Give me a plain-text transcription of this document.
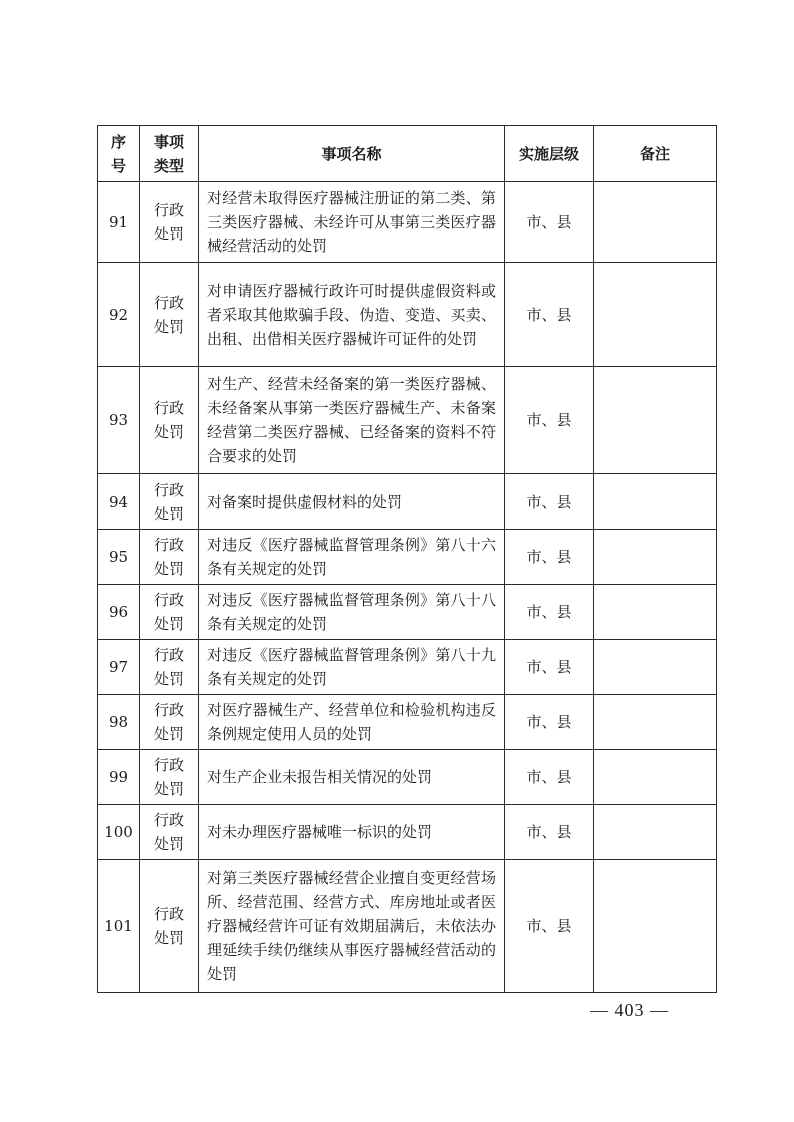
序号	事项类型	事项名称	实施层级	备注
91	行政处罚	对经营未取得医疗器械注册证的第二类、第三类医疗器械、未经许可从事第三类医疗器械经营活动的处罚	市、县	
92	行政处罚	对申请医疗器械行政许可时提供虚假资料或者采取其他欺骗手段、伪造、变造、买卖、出租、出借相关医疗器械许可证件的处罚	市、县	
93	行政处罚	对生产、经营未经备案的第一类医疗器械、未经备案从事第一类医疗器械生产、未备案经营第二类医疗器械、已经备案的资料不符合要求的处罚	市、县	
94	行政处罚	对备案时提供虚假材料的处罚	市、县	
95	行政处罚	对违反《医疗器械监督管理条例》第八十六条有关规定的处罚	市、县	
96	行政处罚	对违反《医疗器械监督管理条例》第八十八条有关规定的处罚	市、县	
97	行政处罚	对违反《医疗器械监督管理条例》第八十九条有关规定的处罚	市、县	
98	行政处罚	对医疗器械生产、经营单位和检验机构违反条例规定使用人员的处罚	市、县	
99	行政处罚	对生产企业未报告相关情况的处罚	市、县	
100	行政处罚	对未办理医疗器械唯一标识的处罚	市、县	
101	行政处罚	对第三类医疗器械经营企业擅自变更经营场所、经营范围、经营方式、库房地址或者医疗器械经营许可证有效期届满后，未依法办理延续手续仍继续从事医疗器械经营活动的处罚	市、县	
— 403 —
